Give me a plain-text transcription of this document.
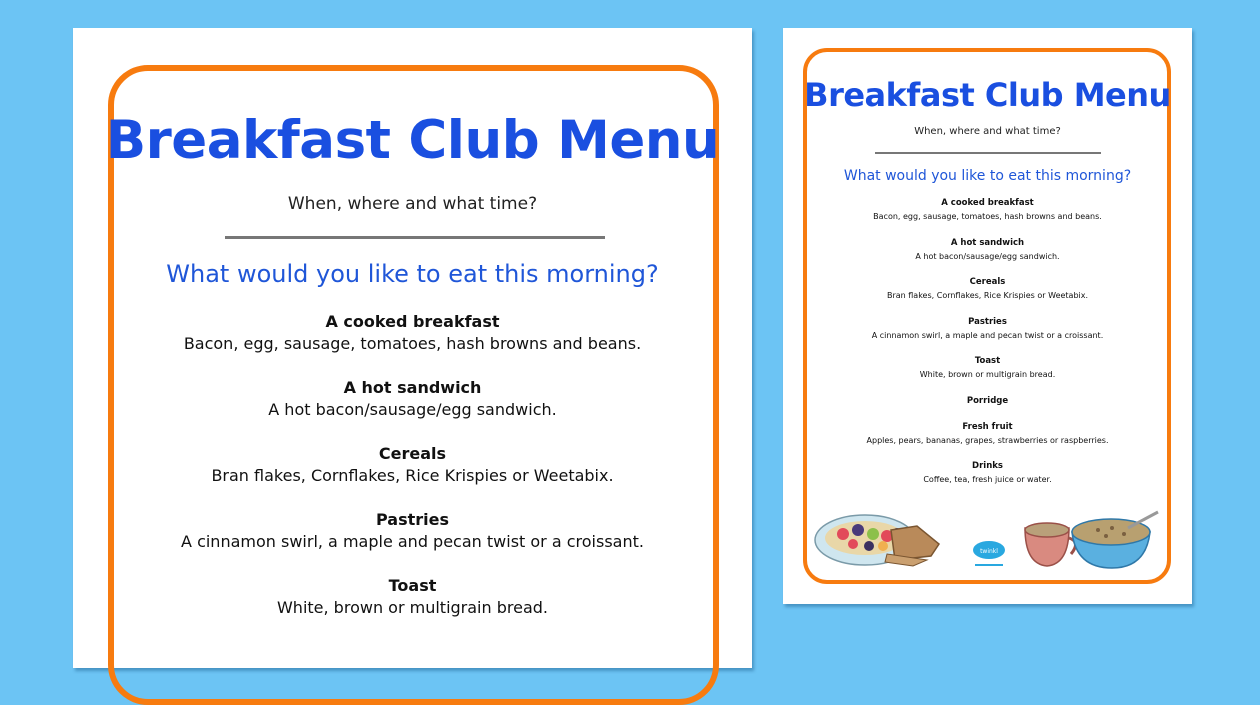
Breakfast Club Menu
When, where and what time?
What would you like to eat this morning?
A cooked breakfast
Bacon, egg, sausage, tomatoes, hash browns and beans.
A hot sandwich
A hot bacon/sausage/egg sandwich.
Cereals
Bran flakes, Cornflakes, Rice Krispies or Weetabix.
Pastries
A cinnamon swirl, a maple and pecan twist or a croissant.
Toast
White, brown or multigrain bread.
Breakfast Club Menu
When, where and what time?
What would you like to eat this morning?
A cooked breakfast
Bacon, egg, sausage, tomatoes, hash browns and beans.
A hot sandwich
A hot bacon/sausage/egg sandwich.
Cereals
Bran flakes, Cornflakes, Rice Krispies or Weetabix.
Pastries
A cinnamon swirl, a maple and pecan twist or a croissant.
Toast
White, brown or multigrain bread.
Porridge
Fresh fruit
Apples, pears, bananas, grapes, strawberries or raspberries.
Drinks
Coffee, tea, fresh juice or water.
twinkl
